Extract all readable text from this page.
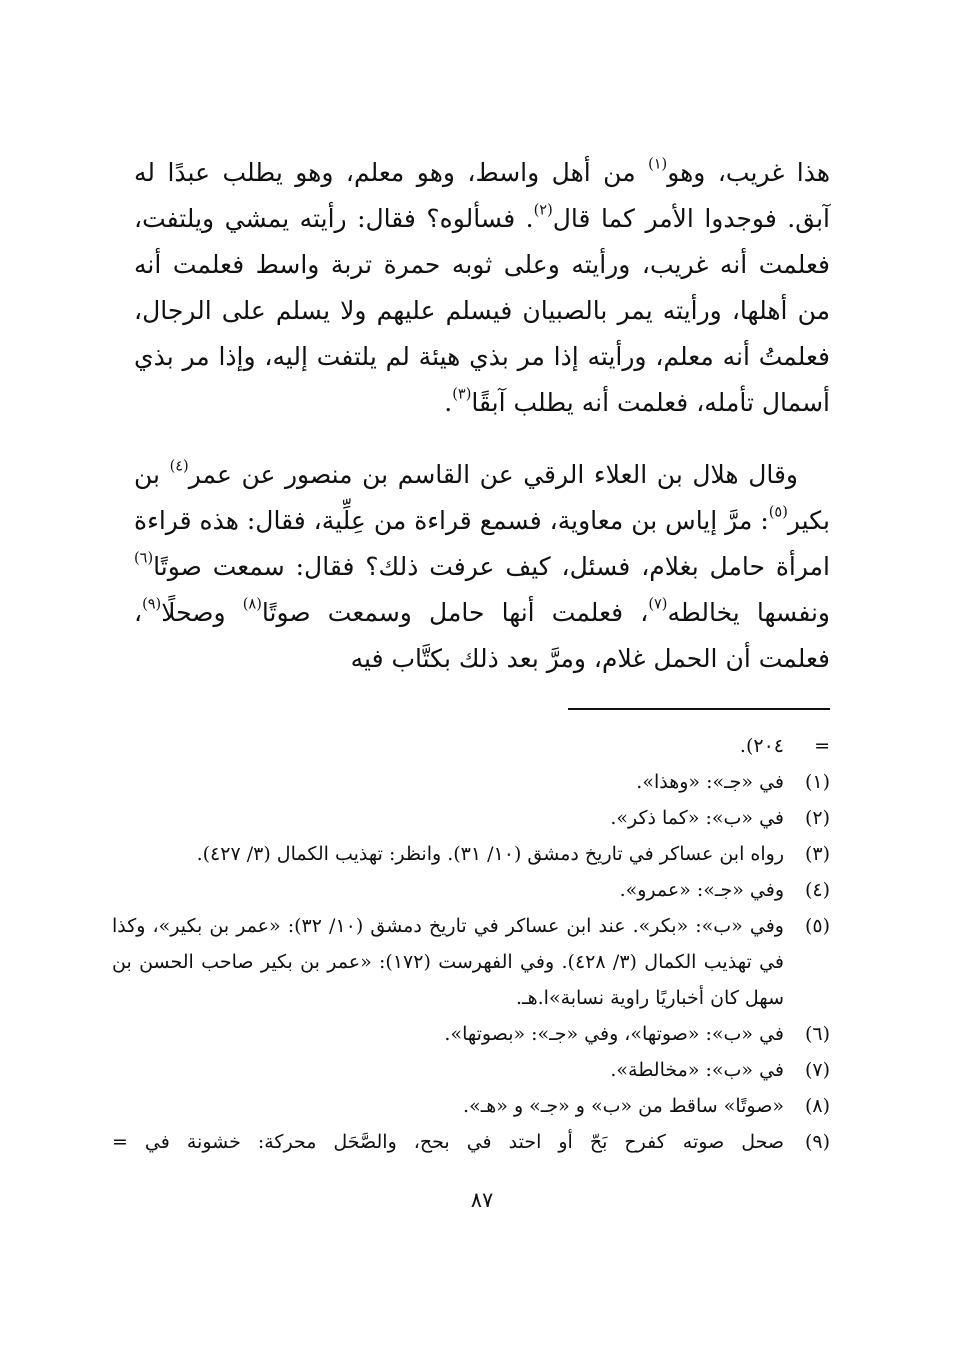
هذا غريب، وهو$^{(١)}$ من أهل واسط، وهو معلم، وهو يطلب عبدًا له آبق. فوجدوا الأمر كما قال$^{(٢)}$. فسألوه؟ فقال: رأيته يمشي ويلتفت، فعلمت أنه غريب، ورأيته وعلى ثوبه حمرة تربة واسط فعلمت أنه من أهلها، ورأيته يمر بالصبيان فيسلم عليهم ولا يسلم على الرجال، فعلمتُ أنه معلم، ورأيته إذا مر بذي هيئة لم يلتفت إليه، وإذا مر بذي أسمال تأمله، فعلمت أنه يطلب آبقًا$^{(٣)}$.

وقال هلال بن العلاء الرقي عن القاسم بن منصور عن عمر$^{(٤)}$ بن بكير$^{(٥)}$: مرَّ إياس بن معاوية، فسمع قراءة من عِلِّية، فقال: هذه قراءة امرأة حامل بغلام، فسئل، كيف عرفت ذلك؟ فقال: سمعت صوتًا$^{(٦)}$ ونفسها يخالطه$^{(٧)}$، فعلمت أنها حامل وسمعت صوتًا$^{(٨)}$ وصحلًا$^{(٩)}$، فعلمت أن الحمل غلام، ومرَّ بعد ذلك بكتَّاب فيه

=
٢٠٤).
(١)
في «جـ»: «وهذا».
(٢)
في «ب»: «كما ذكر».
(٣)
رواه ابن عساكر في تاريخ دمشق (١٠/ ٣١). وانظر: تهذيب الكمال (٣/ ٤٢٧).
(٤)
وفي «جـ»: «عمرو».
(٥)
وفي «ب»: «بكر». عند ابن عساكر في تاريخ دمشق (١٠/ ٣٢): «عمر بن بكير»، وكذا في تهذيب الكمال (٣/ ٤٢٨). وفي الفهرست (١٧٢): «عمر بن بكير صاحب الحسن بن سهل كان أخباريًا راوية نسابة»ا.هـ.
(٦)
في «ب»: «صوتها»، وفي «جـ»: «بصوتها».
(٧)
في «ب»: «مخالطة».
(٨)
«صوتًا» ساقط من «ب» و «جـ» و «هـ».
(٩)
صحل صوته كفرح بَحّ أو احتد في بحح، والصَّحَل محركة: خشونة في =
٨٧
